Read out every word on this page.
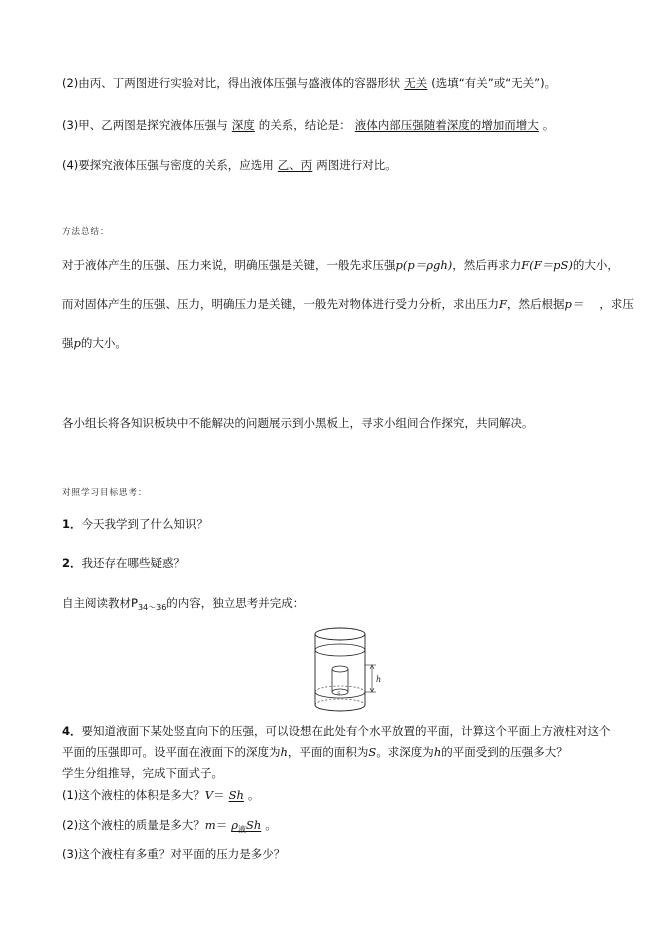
(2)由丙、丁两图进行实验对比，得出液体压强与盛液体的容器形状 无关 (选填“有关”或“无关”)。
(3)甲、乙两图是探究液体压强与 深度 的关系，结论是： 液体内部压强随着深度的增加而增大 。
(4)要探究液体压强与密度的关系，应选用 乙、丙 两图进行对比。
方法总结：
对于液体产生的压强、压力来说，明确压强是关键，一般先求压强p(p＝ρgh)，然后再求力F(F＝pS)的大小，
而对固体产生的压强、压力，明确压力是关键，一般先对物体进行受力分析，求出压力F，然后根据p＝ ，求压
强p的大小。
各小组长将各知识板块中不能解决的问题展示到小黑板上，寻求小组间合作探究，共同解决。
对照学习目标思考：
1．今天我学到了什么知识？
2．我还存在哪些疑惑？
自主阅读教材$P_{34\sim 36}$的内容，独立思考并完成：
h
S
4．要知道液面下某处竖直向下的压强，可以设想在此处有个水平放置的平面，计算这个平面上方液柱对这个
平面的压强即可。设平面在液面下的深度为h，平面的面积为S。求深度为h的平面受到的压强多大？
学生分组推导，完成下面式子。
(1)这个液柱的体积是多大？V＝ Sh 。
(2)这个液柱的质量是多大？$m= \rho_液Sh$ 。
(3)这个液柱有多重？对平面的压力是多少？
